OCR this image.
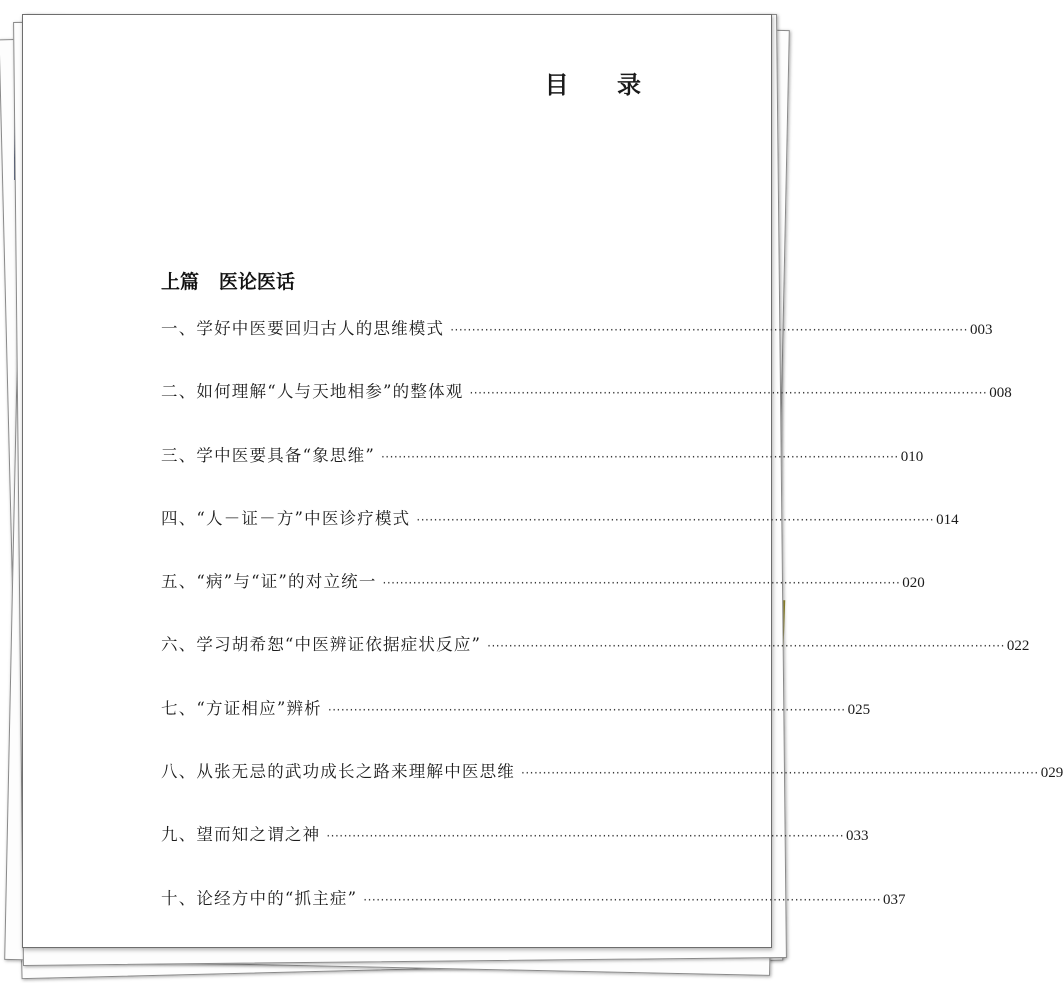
目 录
上篇   医论医话
一、学好中医要回归古人的思维模式 ························································································································ 003
二、如何理解“人与天地相参”的整体观 ························································································································ 008
三、学中医要具备“象思维” ························································································································ 010
四、“人－证－方”中医诊疗模式 ························································································································ 014
五、“病”与“证”的对立统一 ························································································································ 020
六、学习胡希恕“中医辨证依据症状反应” ························································································································ 022
七、“方证相应”辨析 ························································································································ 025
八、从张无忌的武功成长之路来理解中医思维 ························································································································ 029
九、望而知之谓之神 ························································································································ 033
十、论经方中的“抓主症” ························································································································ 037
